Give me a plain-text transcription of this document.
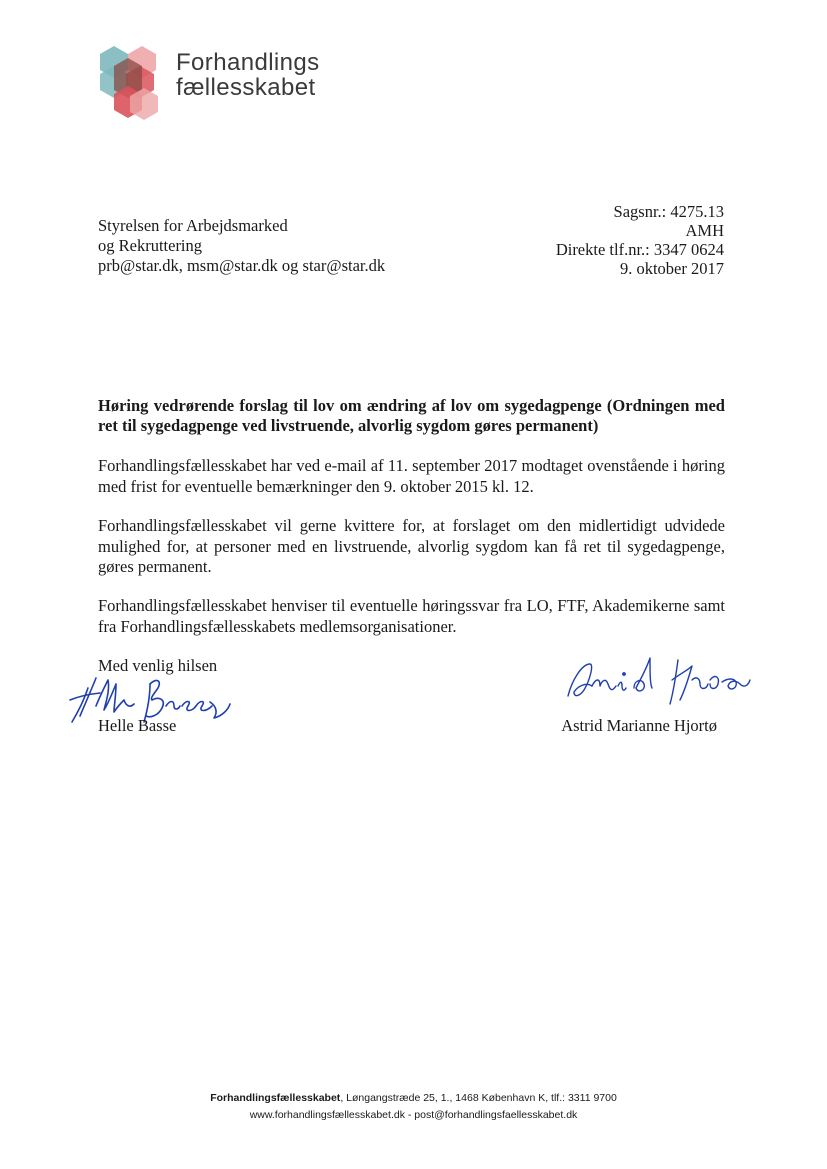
Forhandlings
fællesskabet
Styrelsen for Arbejdsmarked
og Rekruttering
prb@star.dk, msm@star.dk og star@star.dk
Sagsnr.: 4275.13
AMH
Direkte tlf.nr.: 3347 0624
9. oktober 2017
Høring vedrørende forslag til lov om ændring af lov om sygedagpenge (Ordningen med ret til sygedagpenge ved livstruende, alvorlig sygdom gøres permanent)
Forhandlingsfællesskabet har ved e-mail af 11. september 2017 modtaget ovenstående i høring med frist for eventuelle bemærkninger den 9. oktober 2015 kl. 12.
Forhandlingsfællesskabet vil gerne kvittere for, at forslaget om den midlertidigt udvidede mulighed for, at personer med en livstruende, alvorlig sygdom kan få ret til sygedagpenge, gøres permanent.
Forhandlingsfællesskabet henviser til eventuelle høringssvar fra LO, FTF, Akademikerne samt fra Forhandlingsfællesskabets medlemsorganisationer.
Med venlig hilsen
Helle Basse	Astrid Marianne Hjortø
Forhandlingsfællesskabet, Løngangstræde 25, 1., 1468 København K, tlf.: 3311 9700
www.forhandlingsfællesskabet.dk - post@forhandlingsfaellesskabet.dk
